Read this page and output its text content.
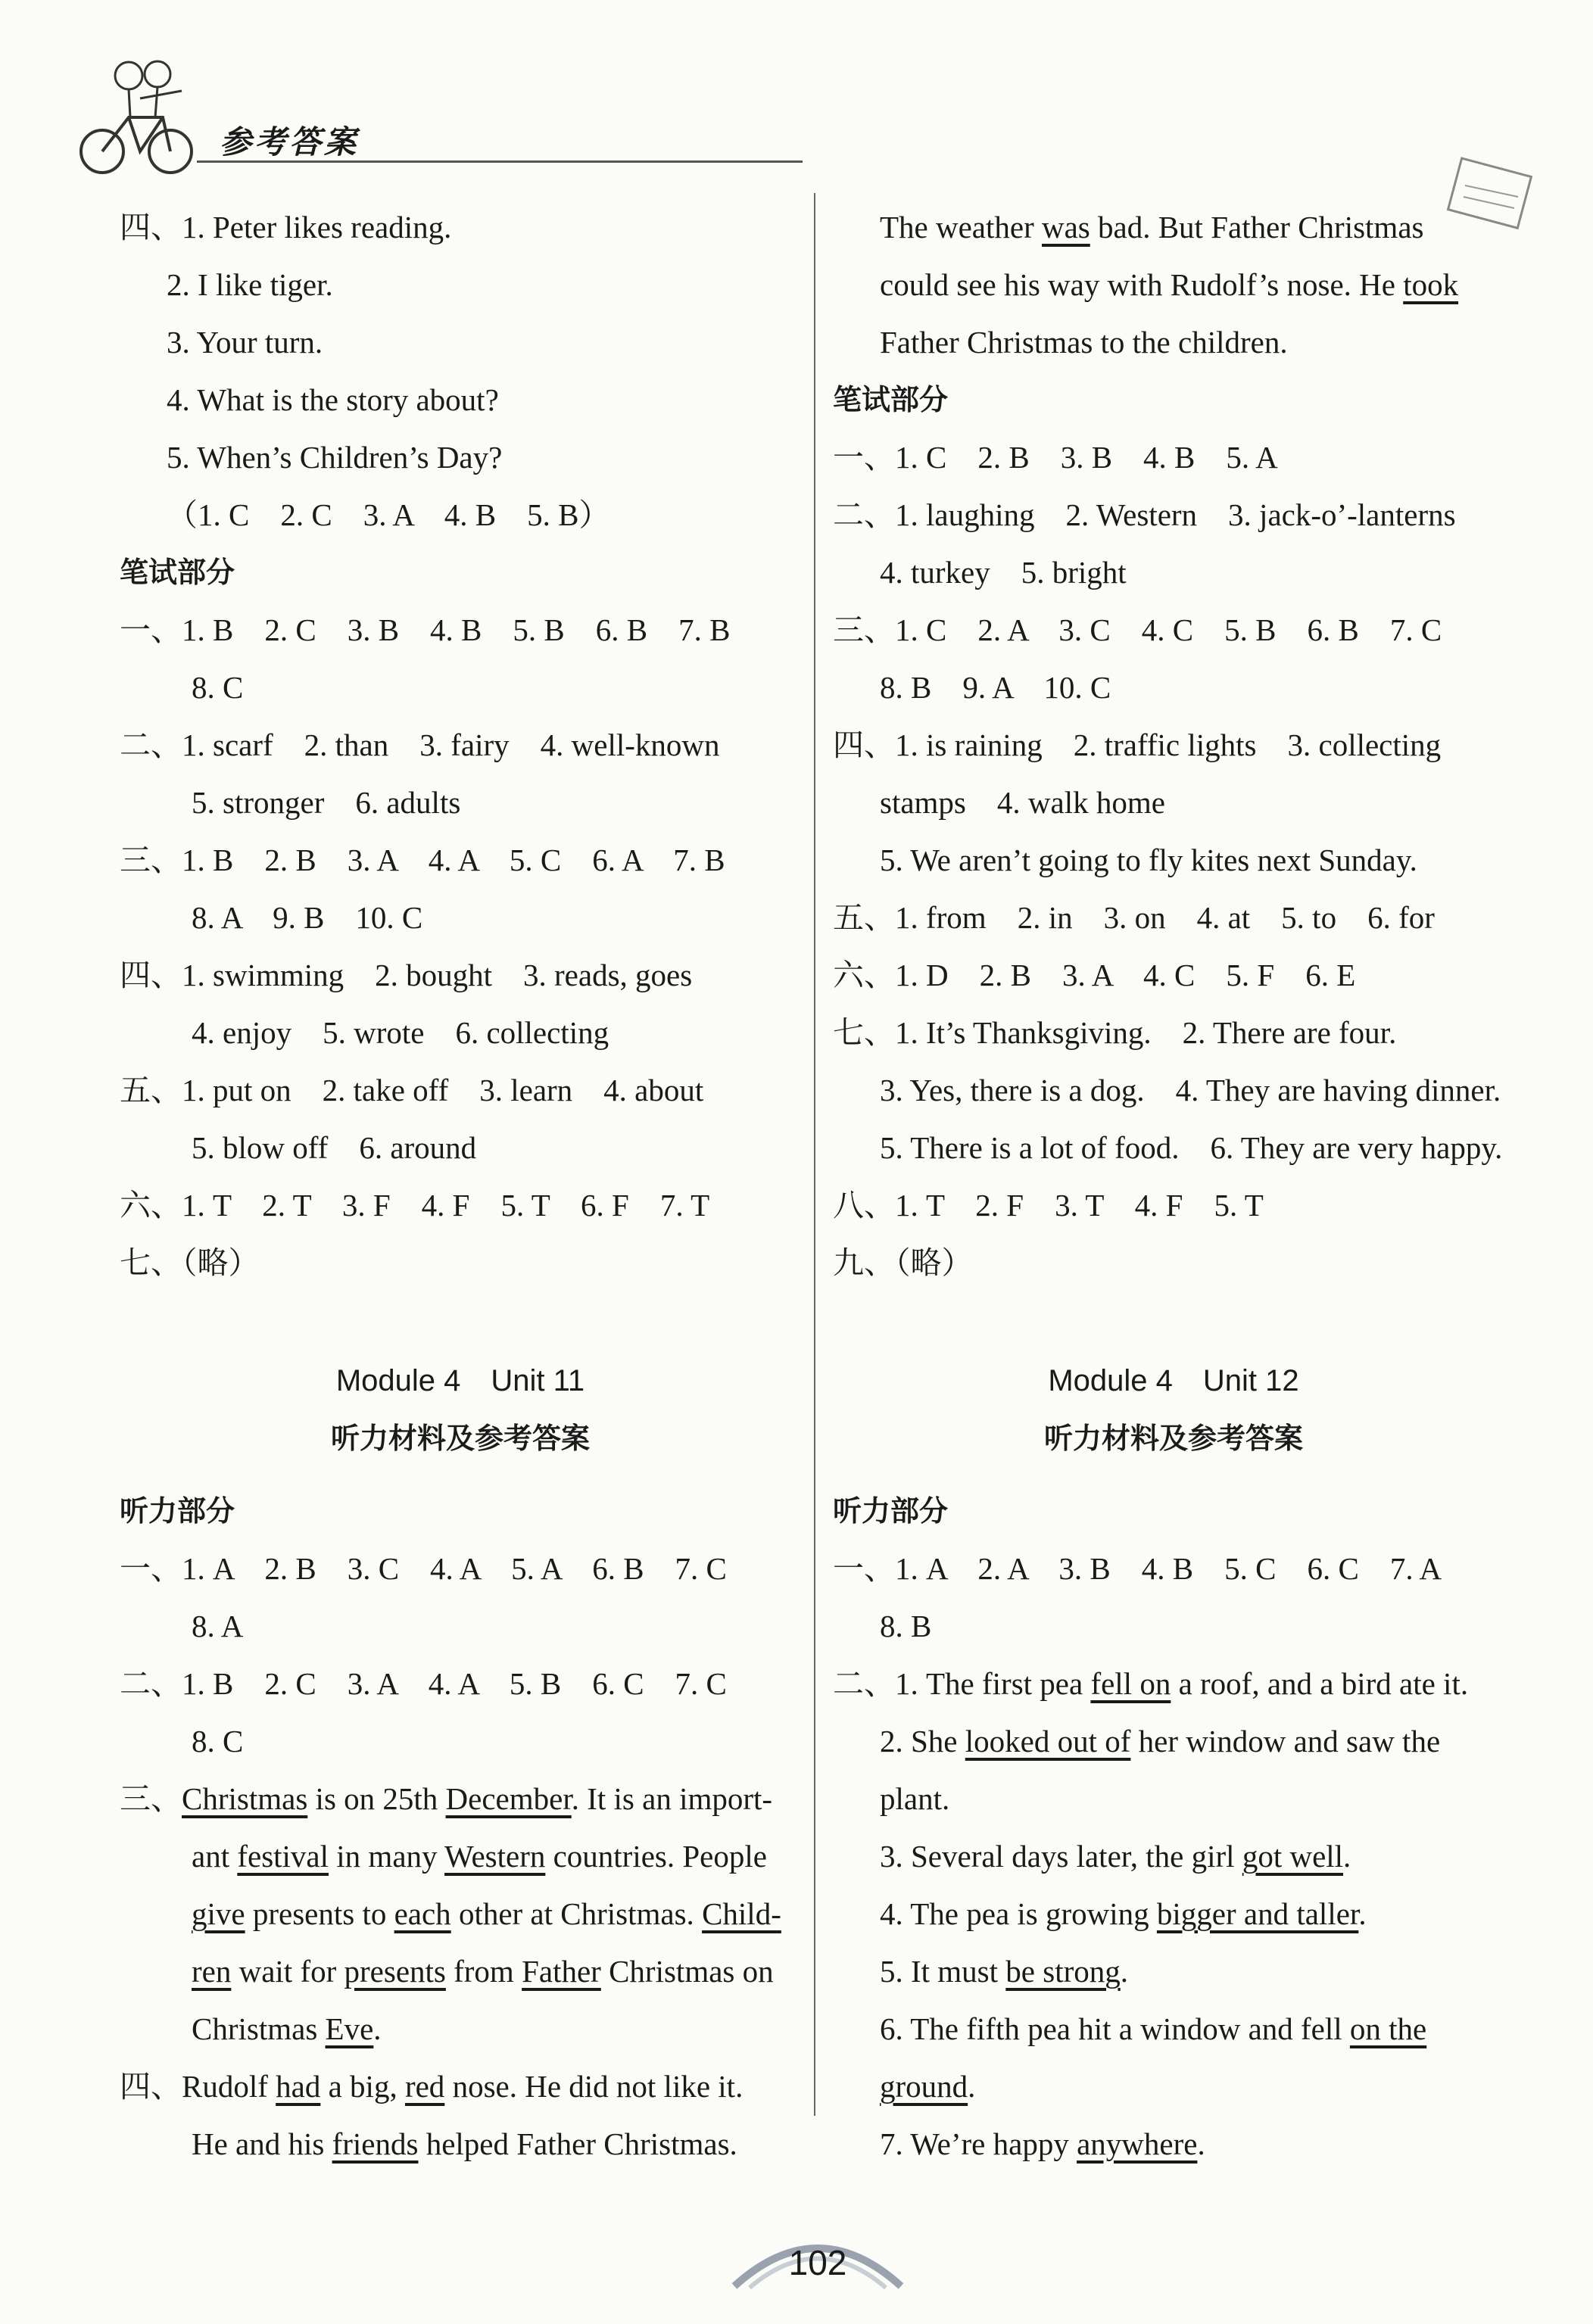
参考答案
四、1. Peter likes reading.
2. I like tiger.
3. Your turn.
4. What is the story about?
5. When’s Children’s Day?
（1. C　2. C　3. A　4. B　5. B）
笔试部分
一、1. B　2. C　3. B　4. B　5. B　6. B　7. B
8. C
二、1. scarf　2. than　3. fairy　4. well-known
5. stronger　6. adults
三、1. B　2. B　3. A　4. A　5. C　6. A　7. B
8. A　9. B　10. C
四、1. swimming　2. bought　3. reads, goes
4. enjoy　5. wrote　6. collecting
五、1. put on　2. take off　3. learn　4. about
5. blow off　6. around
六、1. T　2. T　3. F　4. F　5. T　6. F　7. T
七、（略）
Module 4　Unit 11
听力材料及参考答案
听力部分
一、1. A　2. B　3. C　4. A　5. A　6. B　7. C
8. A
二、1. B　2. C　3. A　4. A　5. B　6. C　7. C
8. C
三、Christmas is on 25th December. It is an import-
ant festival in many Western countries. People
give presents to each other at Christmas. Child-
ren wait for presents from Father Christmas on
Christmas Eve.
四、Rudolf had a big, red nose. He did not like it.
He and his friends helped Father Christmas.
The weather was bad. But Father Christmas
could see his way with Rudolf’s nose. He took
Father Christmas to the children.
笔试部分
一、1. C　2. B　3. B　4. B　5. A
二、1. laughing　2. Western　3. jack-o’-lanterns
4. turkey　5. bright
三、1. C　2. A　3. C　4. C　5. B　6. B　7. C
8. B　9. A　10. C
四、1. is raining　2. traffic lights　3. collecting
stamps　4. walk home
5. We aren’t going to fly kites next Sunday.
五、1. from　2. in　3. on　4. at　5. to　6. for
六、1. D　2. B　3. A　4. C　5. F　6. E
七、1. It’s Thanksgiving.　2. There are four.
3. Yes, there is a dog.　4. They are having dinner.
5. There is a lot of food.　6. They are very happy.
八、1. T　2. F　3. T　4. F　5. T
九、（略）
Module 4　Unit 12
听力材料及参考答案
听力部分
一、1. A　2. A　3. B　4. B　5. C　6. C　7. A
8. B
二、1. The first pea fell on a roof, and a bird ate it.
2. She looked out of her window and saw the
plant.
3. Several days later, the girl got well.
4. The pea is growing bigger and taller.
5. It must be strong.
6. The fifth pea hit a window and fell on the
ground.
7. We’re happy anywhere.
102
